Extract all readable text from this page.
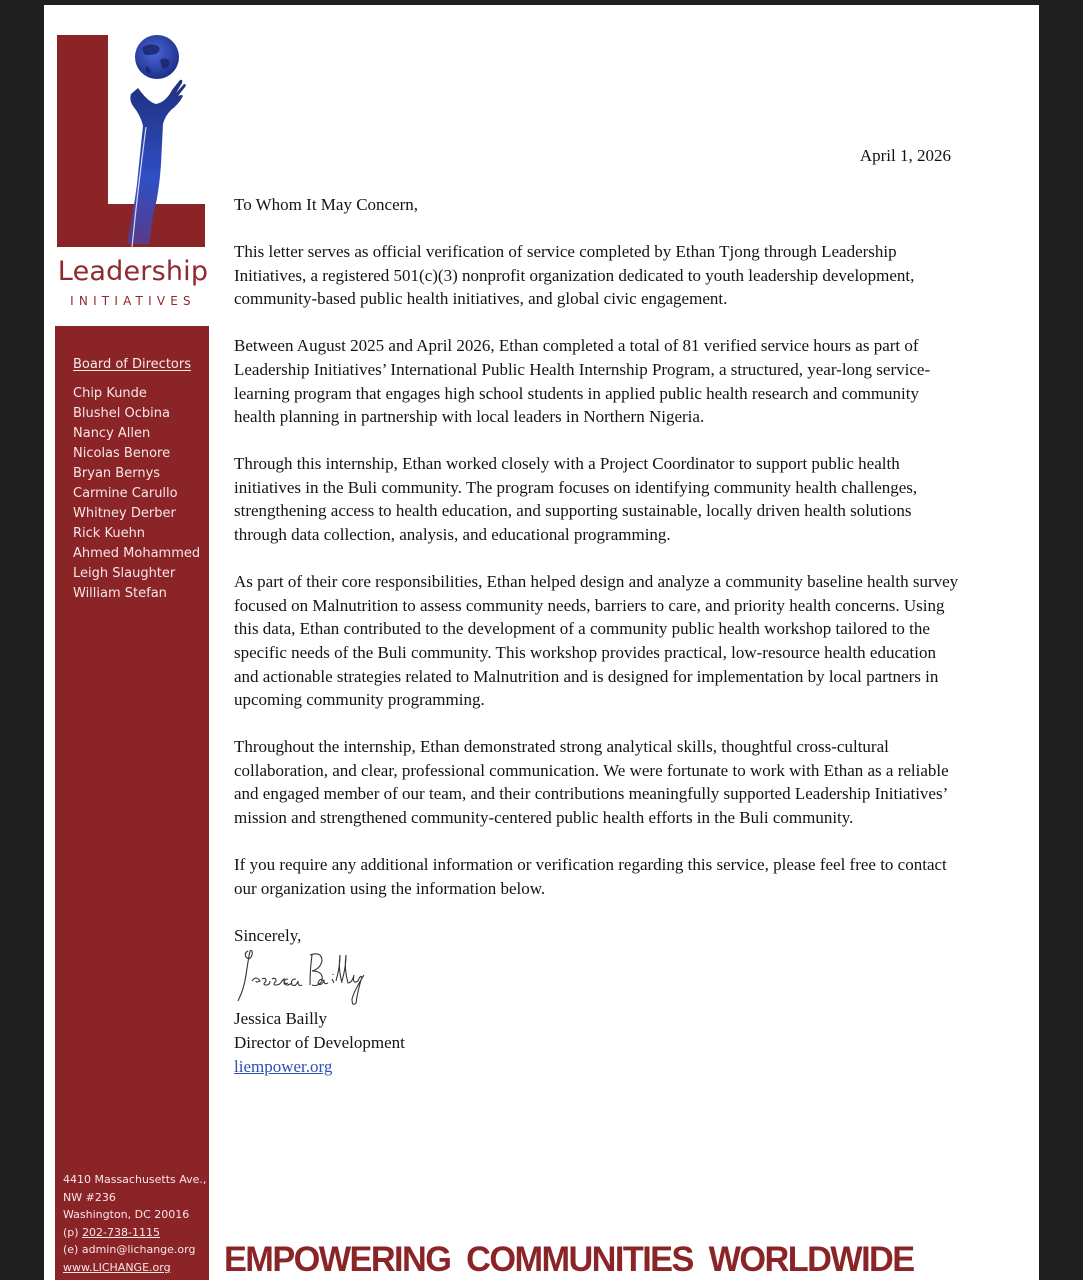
Leadership
INITIATIVES
Board of Directors
Chip Kunde
Blushel Ocbina
Nancy Allen
Nicolas Benore
Bryan Bernys
Carmine Carullo
Whitney Derber
Rick Kuehn
Ahmed Mohammed
Leigh Slaughter
William Stefan
4410 Massachusetts Ave.,
NW #236
Washington, DC 20016
(p) 202-738-1115
(e) admin@lichange.org
www.LICHANGE.org
April 1, 2026

To Whom It May Concern,

This letter serves as official verification of service completed by Ethan Tjong through Leadership Initiatives, a registered 501(c)(3) nonprofit organization dedicated to youth leadership development, community-based public health initiatives, and global civic engagement.

Between August 2025 and April 2026, Ethan completed a total of 81 verified service hours as part of Leadership Initiatives’ International Public Health Internship Program, a structured, year-long service-learning program that engages high school students in applied public health research and community health planning in partnership with local leaders in Northern Nigeria.

Through this internship, Ethan worked closely with a Project Coordinator to support public health initiatives in the Buli community. The program focuses on identifying community health challenges, strengthening access to health education, and supporting sustainable, locally driven health solutions through data collection, analysis, and educational programming.

As part of their core responsibilities, Ethan helped design and analyze a community baseline health survey focused on Malnutrition to assess community needs, barriers to care, and priority health concerns. Using this data, Ethan contributed to the development of a community public health workshop tailored to the specific needs of the Buli community. This workshop provides practical, low-resource health education and actionable strategies related to Malnutrition and is designed for implementation by local partners in upcoming community programming.

Throughout the internship, Ethan demonstrated strong analytical skills, thoughtful cross-cultural collaboration, and clear, professional communication. We were fortunate to work with Ethan as a reliable and engaged member of our team, and their contributions meaningfully supported Leadership Initiatives’ mission and strengthened community-centered public health efforts in the Buli community.

If you require any additional information or verification regarding this service, please feel free to contact our organization using the information below.

Sincerely,

Jessica Bailly

Director of Development

liempower.org

EMPOWERING COMMUNITIES WORLDWIDE
